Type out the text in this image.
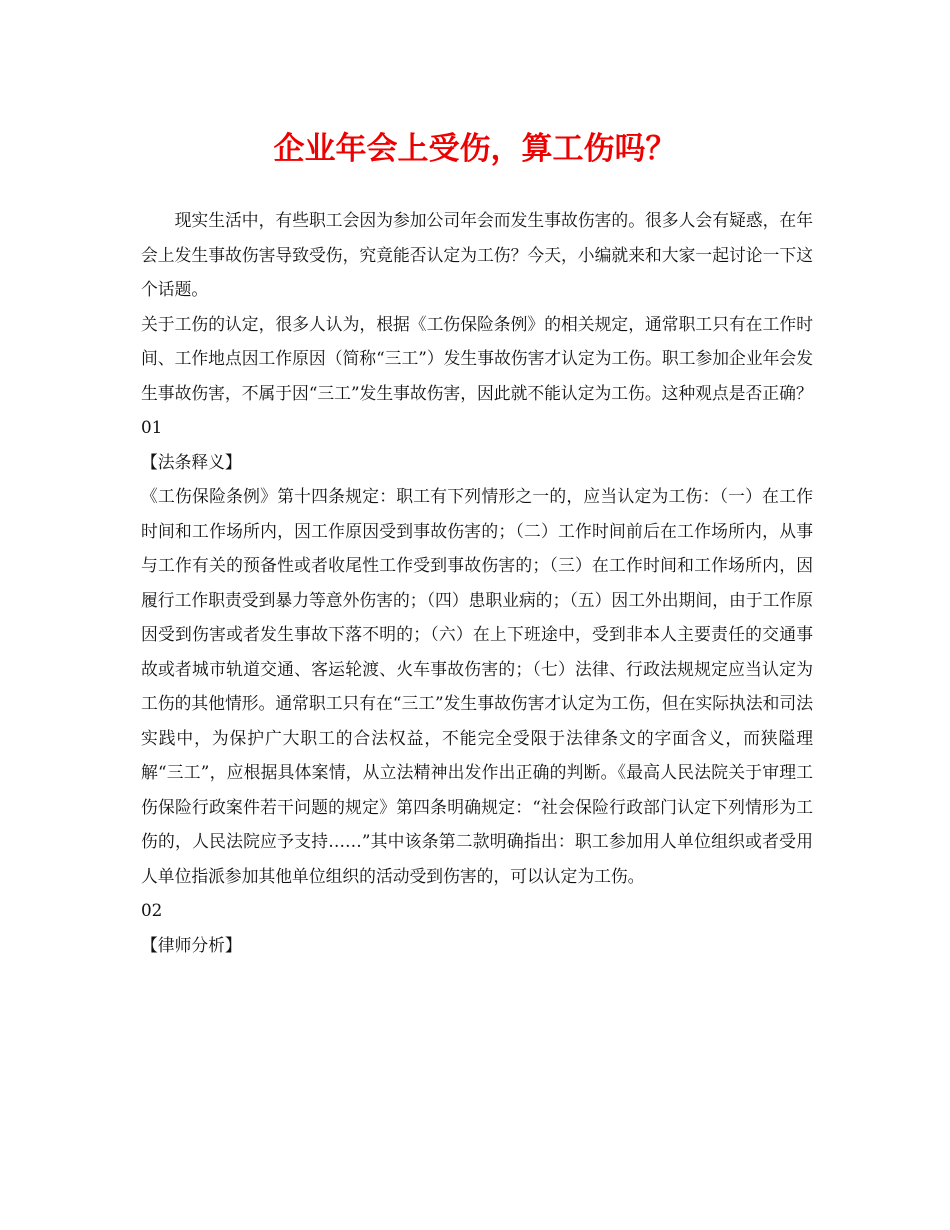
企业年会上受伤，算工伤吗？

现实生活中，有些职工会因为参加公司年会而发生事故伤害的。很多人会有疑惑，在年会上发生事故伤害导致受伤，究竟能否认定为工伤？今天，小编就来和大家一起讨论一下这个话题。

关于工伤的认定，很多人认为，根据《工伤保险条例》的相关规定，通常职工只有在工作时间、工作地点因工作原因（简称“三工”）发生事故伤害才认定为工伤。职工参加企业年会发生事故伤害，不属于因“三工”发生事故伤害，因此就不能认定为工伤。这种观点是否正确？

01

【法条释义】

《工伤保险条例》第十四条规定：职工有下列情形之一的，应当认定为工伤：（一）在工作时间和工作场所内，因工作原因受到事故伤害的；（二）工作时间前后在工作场所内，从事与工作有关的预备性或者收尾性工作受到事故伤害的；（三）在工作时间和工作场所内，因履行工作职责受到暴力等意外伤害的；（四）患职业病的；（五）因工外出期间，由于工作原因受到伤害或者发生事故下落不明的；（六）在上下班途中，受到非本人主要责任的交通事故或者城市轨道交通、客运轮渡、火车事故伤害的；（七）法律、行政法规规定应当认定为工伤的其他情形。通常职工只有在“三工”发生事故伤害才认定为工伤，但在实际执法和司法实践中，为保护广大职工的合法权益，不能完全受限于法律条文的字面含义，而狭隘理解“三工”，应根据具体案情，从立法精神出发作出正确的判断。《最高人民法院关于审理工伤保险行政案件若干问题的规定》第四条明确规定：“社会保险行政部门认定下列情形为工伤的，人民法院应予支持……”其中该条第二款明确指出：职工参加用人单位组织或者受用人单位指派参加其他单位组织的活动受到伤害的，可以认定为工伤。

02

【律师分析】
